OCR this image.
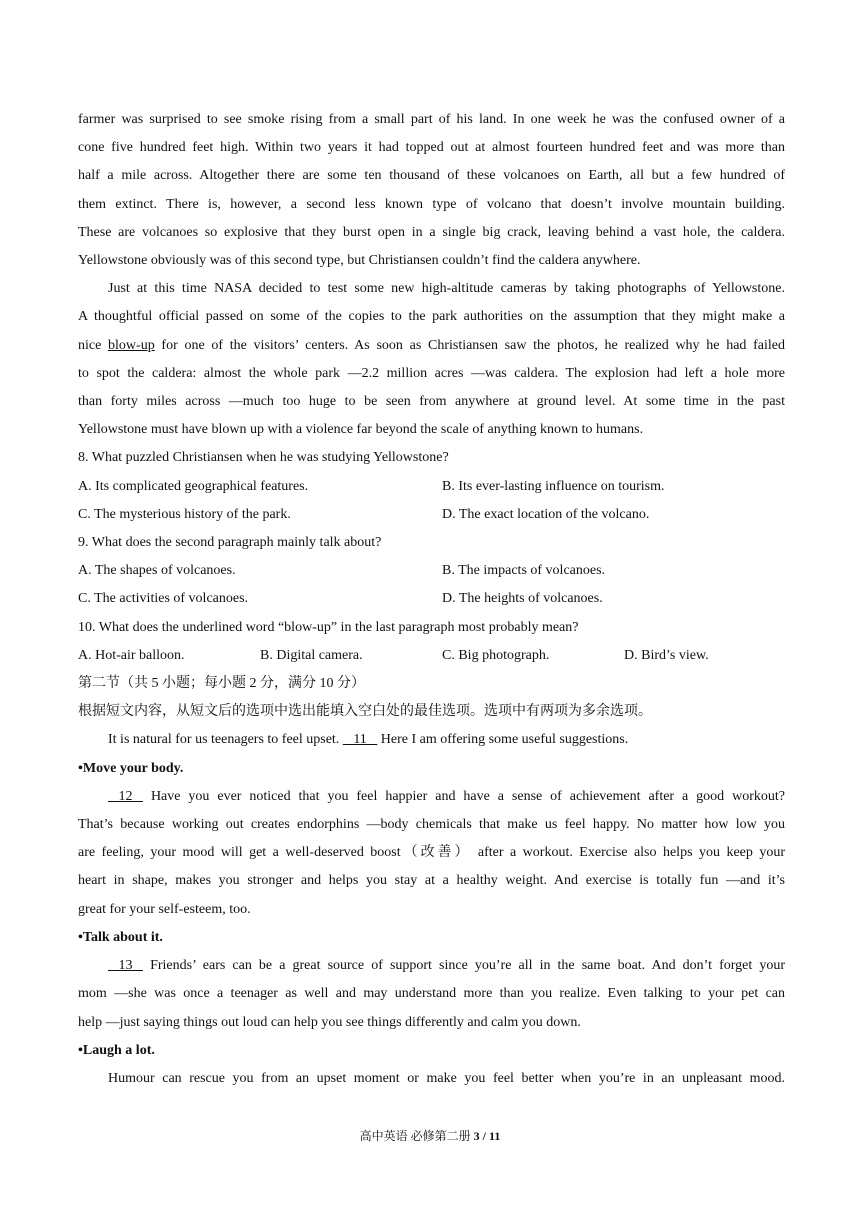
farmer was surprised to see smoke rising from a small part of his land. In one week he was the confused owner of a
cone five hundred feet high. Within two years it had topped out at almost fourteen hundred feet and was more than
half a mile across. Altogether there are some ten thousand of these volcanoes on Earth, all but a few hundred of
them extinct. There is, however, a second less known type of volcano that doesn’t involve mountain building.
These are volcanoes so explosive that they burst open in a single big crack, leaving behind a vast hole, the caldera.
Yellowstone obviously was of this second type, but Christiansen couldn’t find the caldera anywhere.
Just at this time NASA decided to test some new high-altitude cameras by taking photographs of Yellowstone.
A thoughtful official passed on some of the copies to the park authorities on the assumption that they might make a
nice blow-up for one of the visitors’ centers. As soon as Christiansen saw the photos, he realized why he had failed
to spot the caldera: almost the whole park —2.2 million acres —was caldera. The explosion had left a hole more
than forty miles across —much too huge to be seen from anywhere at ground level. At some time in the past
Yellowstone must have blown up with a violence far beyond the scale of anything known to humans.
8. What puzzled Christiansen when he was studying Yellowstone?
A. Its complicated geographical features.	B. Its ever-lasting influence on tourism.
C. The mysterious history of the park.	D. The exact location of the volcano.
9. What does the second paragraph mainly talk about?
A. The shapes of volcanoes.	B. The impacts of volcanoes.
C. The activities of volcanoes.	D. The heights of volcanoes.
10. What does the underlined word “blow-up” in the last paragraph most probably mean?
A. Hot-air balloon.	B. Digital camera.	C. Big photograph.	D. Bird’s view.
第二节（共 5 小题；每小题 2 分，满分 10 分）
根据短文内容，从短文后的选项中选出能填入空白处的最佳选项。选项中有两项为多余选项。
It is natural for us teenagers to feel upset.    11    Here I am offering some useful suggestions.
•Move your body.
12    Have you ever noticed that you feel happier and have a sense of achievement after a good workout?
That’s because working out creates endorphins —body chemicals that make us feel happy. No matter how low you
are feeling, your mood will get a well-deserved boost（改善） after a workout. Exercise also helps you keep your
heart in shape, makes you stronger and helps you stay at a healthy weight. And exercise is totally fun —and it’s
great for your self-esteem, too.
•Talk about it.
13    Friends’ ears can be a great source of support since you’re all in the same boat. And don’t forget your
mom —she was once a teenager as well and may understand more than you realize. Even talking to your pet can
help —just saying things out loud can help you see things differently and calm you down.
•Laugh a lot.
Humour can rescue you from an upset moment or make you feel better when you’re in an unpleasant mood.
高中英语 必修第二册 3 / 11
